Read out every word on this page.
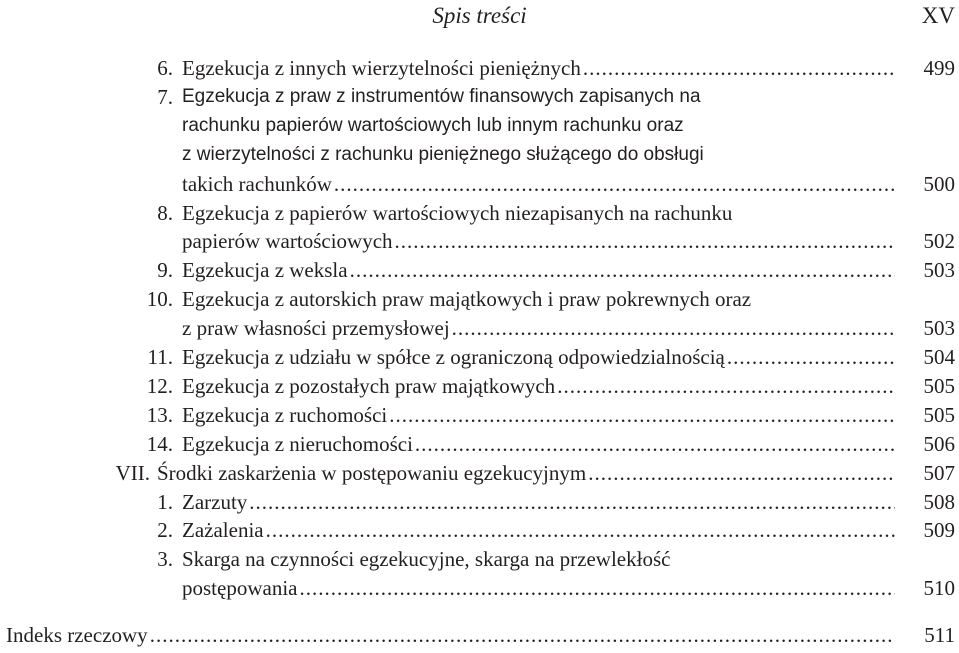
Spis treści	XV
6. Egzekucja z innych wierzytelności pieniężnych .....	499
7. Egzekucja z praw z instrumentów finansowych zapisanych na
rachunku papierów wartościowych lub innym rachunku oraz
z wierzytelności z rachunku pieniężnego służącego do obsługi
takich rachunków .....	500
8. Egzekucja z papierów wartościowych niezapisanych na rachunku
papierów wartościowych .....	502
9. Egzekucja z weksla .....	503
10. Egzekucja z autorskich praw majątkowych i praw pokrewnych oraz
z praw własności przemysłowej .....	503
11. Egzekucja z udziału w spółce z ograniczoną odpowiedzialnością .....	504
12. Egzekucja z pozostałych praw majątkowych .....	505
13. Egzekucja z ruchomości .....	505
14. Egzekucja z nieruchomości .....	506
VII. Środki zaskarżenia w postępowaniu egzekucyjnym .....	507
1. Zarzuty .....	508
2. Zażalenia .....	509
3. Skarga na czynności egzekucyjne, skarga na przewlekłość
postępowania .....	510
Indeks rzeczowy .....	511
